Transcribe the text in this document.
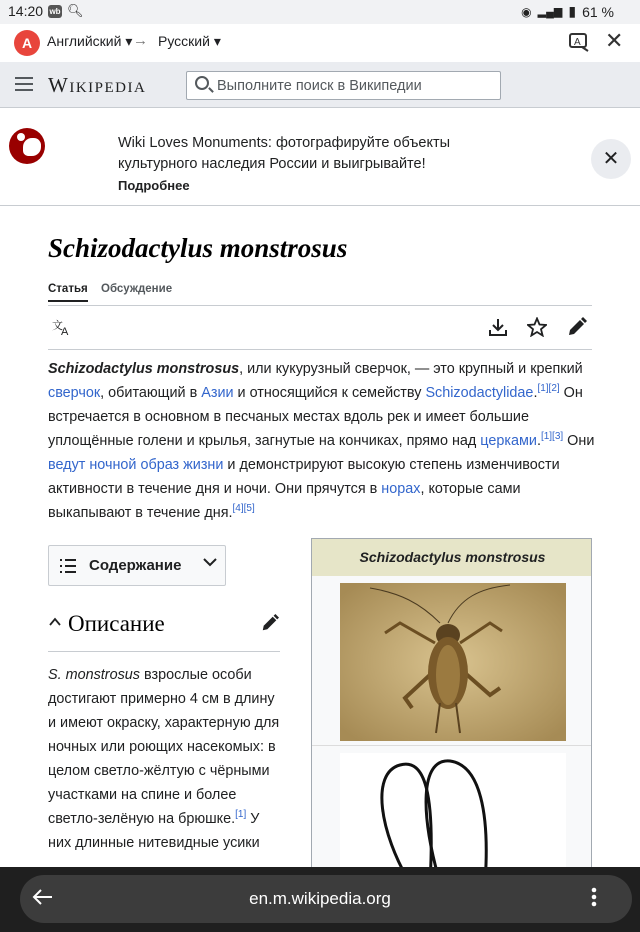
14:20 wb 🔍︎	◉ ▂▄▆ ▮ 61 %
A	Английский ▾ → Русский ▾	A ✕
Wikipedia
Выполните поиск в Википедии
Wiki Loves Monuments: фотографируйте объекты культурного наследия России и выигрывайте!
Подробнее
✕
Schizodactylus monstrosus
Статья Обсуждение
文
A

Schizodactylus monstrosus, или кукурузный сверчок, — это крупный и крепкий сверчок, обитающий в Азии и относящийся к семейству Schizodactylidae.[1][2] Он встречается в основном в песчаных местах вдоль рек и имеет большие уплощённые голени и крылья, загнутые на кончиках, прямо над церками.[1][3] Они ведут ночной образ жизни и демонстрируют высокую степень изменчивости активности в течение дня и ночи. Они прячутся в норах, которые сами выкапывают в течение дня.[4][5]

Содержание
Описание

S. monstrosus взрослые особи достигают примерно 4 см в длину и имеют окраску, характерную для ночных или роющих насекомых: в целом светло-жёлтую с чёрными участками на спине и более светло-зелёную на брюшке.[1] У них длинные нитевидные усики

Schizodactylus monstrosus
en.m.wikipedia.org
